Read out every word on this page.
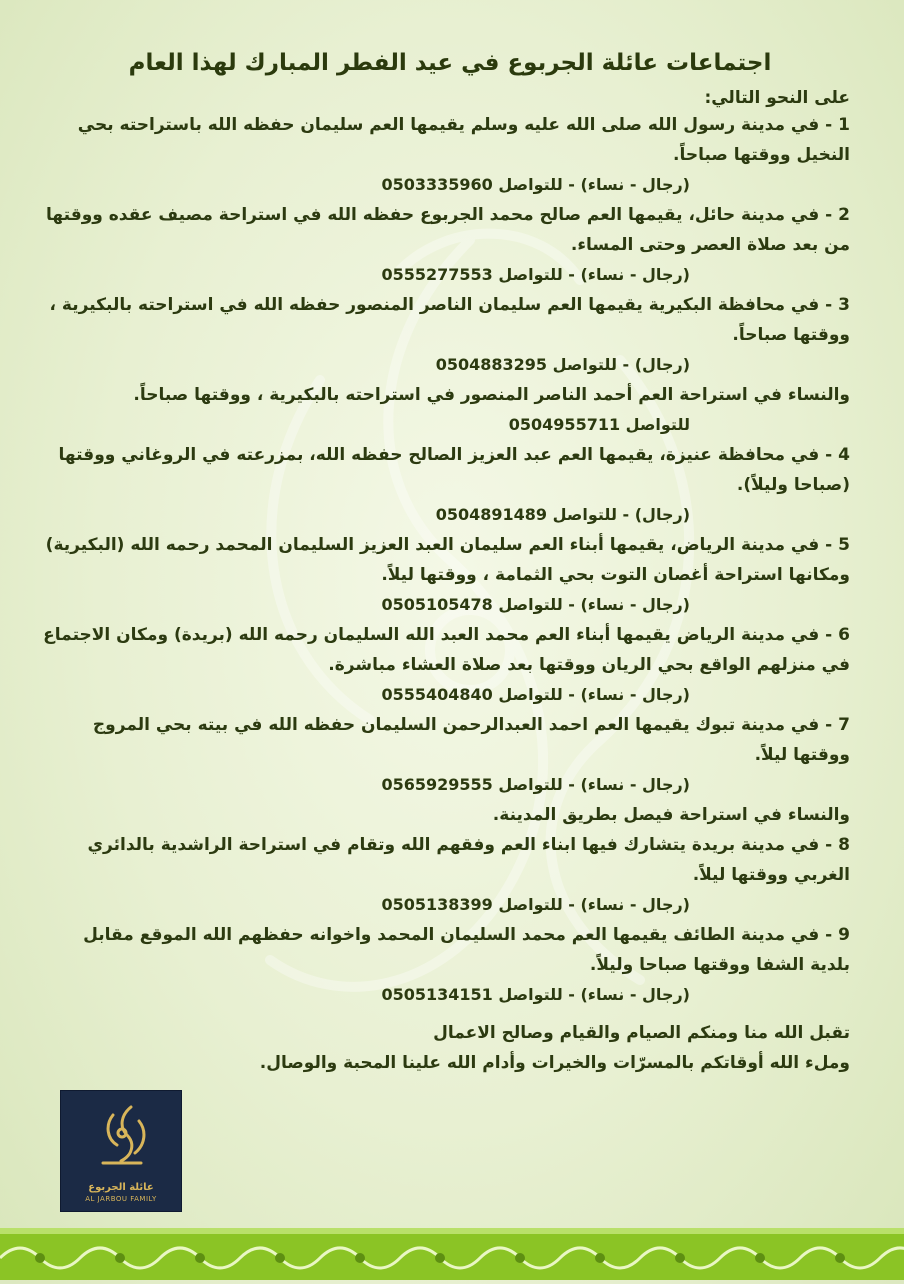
اجتماعات عائلة الجربوع في عيد الفطر المبارك لهذا العام
على النحو التالي:

1 - في مدينة رسول الله صلى الله عليه وسلم يقيمها العم سليمان حفظه الله باستراحته بحي النخيل ووقتها صباحاً.

(رجال - نساء) - للتواصل 0503335960

2 - في مدينة حائل، يقيمها العم صالح محمد الجربوع حفظه الله في استراحة مصيف عقده ووقتها من بعد صلاة العصر وحتى المساء.

(رجال - نساء) - للتواصل 0555277553

3 - في محافظة البكيرية يقيمها العم سليمان الناصر المنصور حفظه الله في استراحته بالبكيرية ، ووقتها صباحاً.

(رجال) - للتواصل 0504883295

والنساء في استراحة العم أحمد الناصر المنصور في استراحته بالبكيرية ، ووقتها صباحاً.

للتواصل 0504955711

4 - في محافظة عنيزة، يقيمها العم عبد العزيز الصالح حفظه الله، بمزرعته في الروغاني ووقتها (صباحا وليلاً).

(رجال) - للتواصل 0504891489

5 - في مدينة الرياض، يقيمها أبناء العم سليمان العبد العزيز السليمان المحمد رحمه الله (البكيرية) ومكانها استراحة أغصان التوت بحي الثمامة ، ووقتها ليلاً.

(رجال - نساء) - للتواصل 0505105478

6 - في مدينة الرياض يقيمها أبناء العم محمد العبد الله السليمان رحمه الله (بريدة) ومكان الاجتماع في منزلهم الواقع بحي الريان ووقتها بعد صلاة العشاء مباشرة.

(رجال - نساء) - للتواصل 0555404840

7 - في مدينة تبوك يقيمها العم احمد العبدالرحمن السليمان حفظه الله في بيته بحي المروج ووقتها ليلاً.

(رجال - نساء) - للتواصل 0565929555

والنساء في استراحة فيصل بطريق المدينة.

8 - في مدينة بريدة يتشارك فيها ابناء العم وفقهم الله وتقام في استراحة الراشدية بالدائري الغربي ووقتها ليلاً.

(رجال - نساء) - للتواصل 0505138399

9 - في مدينة الطائف يقيمها العم محمد السليمان المحمد واخوانه حفظهم الله الموقع مقابل بلدية الشفا ووقتها صباحا وليلاً.

(رجال - نساء) - للتواصل 0505134151
تقبل الله منا ومنكم الصيام والقيام وصالح الاعمال
وملء الله أوقاتكم بالمسرّات والخيرات وأدام الله علينا المحبة والوصال.
عائلة الجربوع
AL JARBOU FAMILY
